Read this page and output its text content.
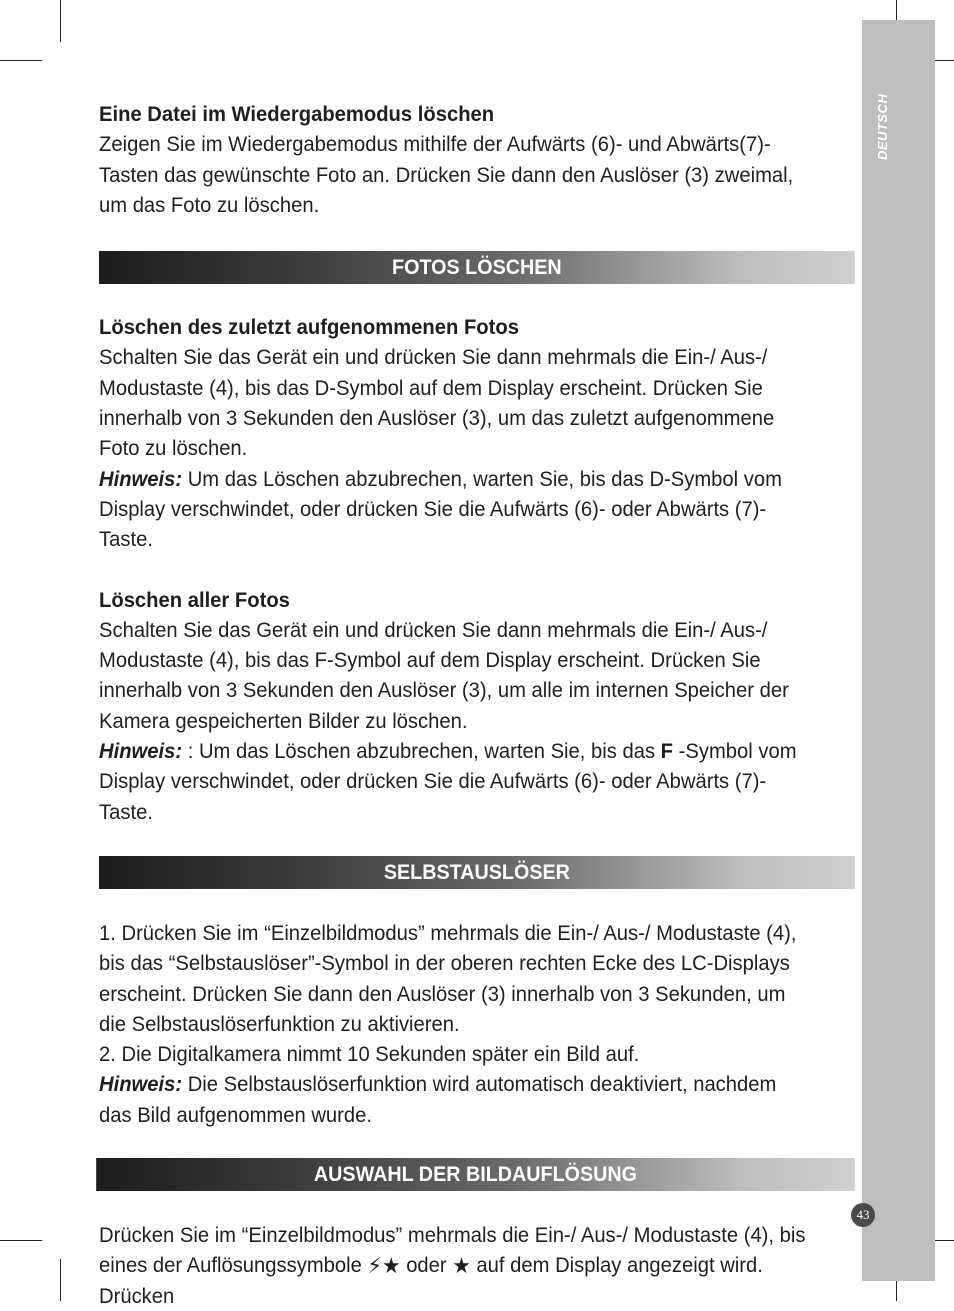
DEUTSCH

Eine Datei im Wiedergabemodus löschen

Zeigen Sie im Wiedergabemodus mithilfe der Aufwärts (6)- und Abwärts(7)-Tasten das gewünschte Foto an. Drücken Sie dann den Auslöser (3) zweimal, um das Foto zu löschen.

FOTOS LÖSCHEN

Löschen des zuletzt aufgenommenen Fotos

Schalten Sie das Gerät ein und drücken Sie dann mehrmals die Ein-/ Aus-/ Modustaste (4), bis das D-Symbol auf dem Display erscheint. Drücken Sie innerhalb von 3 Sekunden den Auslöser (3), um das zuletzt aufgenommene Foto zu löschen.

Hinweis: Um das Löschen abzubrechen, warten Sie, bis das D-Symbol vom Display verschwindet, oder drücken Sie die Aufwärts (6)- oder Abwärts (7)-Taste.

Löschen aller Fotos

Schalten Sie das Gerät ein und drücken Sie dann mehrmals die Ein-/ Aus-/ Modustaste (4), bis das F-Symbol auf dem Display erscheint. Drücken Sie innerhalb von 3 Sekunden den Auslöser (3), um alle im internen Speicher der Kamera gespeicherten Bilder zu löschen.

Hinweis: : Um das Löschen abzubrechen, warten Sie, bis das F -Symbol vom Display verschwindet, oder drücken Sie die Aufwärts (6)- oder Abwärts (7)-Taste.

SELBSTAUSLÖSER

1. Drücken Sie im “Einzelbildmodus” mehrmals die Ein-/ Aus-/ Modustaste (4), bis das “Selbstauslöser”-Symbol in der oberen rechten Ecke des LC-Displays erscheint. Drücken Sie dann den Auslöser (3) innerhalb von 3 Sekunden, um die Selbstauslöserfunktion zu aktivieren.

2. Die Digitalkamera nimmt 10 Sekunden später ein Bild auf.

Hinweis: Die Selbstauslöserfunktion wird automatisch deaktiviert, nachdem das Bild aufgenommen wurde.

AUSWAHL DER BILDAUFLÖSUNG

Drücken Sie im “Einzelbildmodus” mehrmals die Ein-/ Aus-/ Modustaste (4), bis eines der Auflösungssymbole ⚡★ oder ★ auf dem Display angezeigt wird. Drücken

43
